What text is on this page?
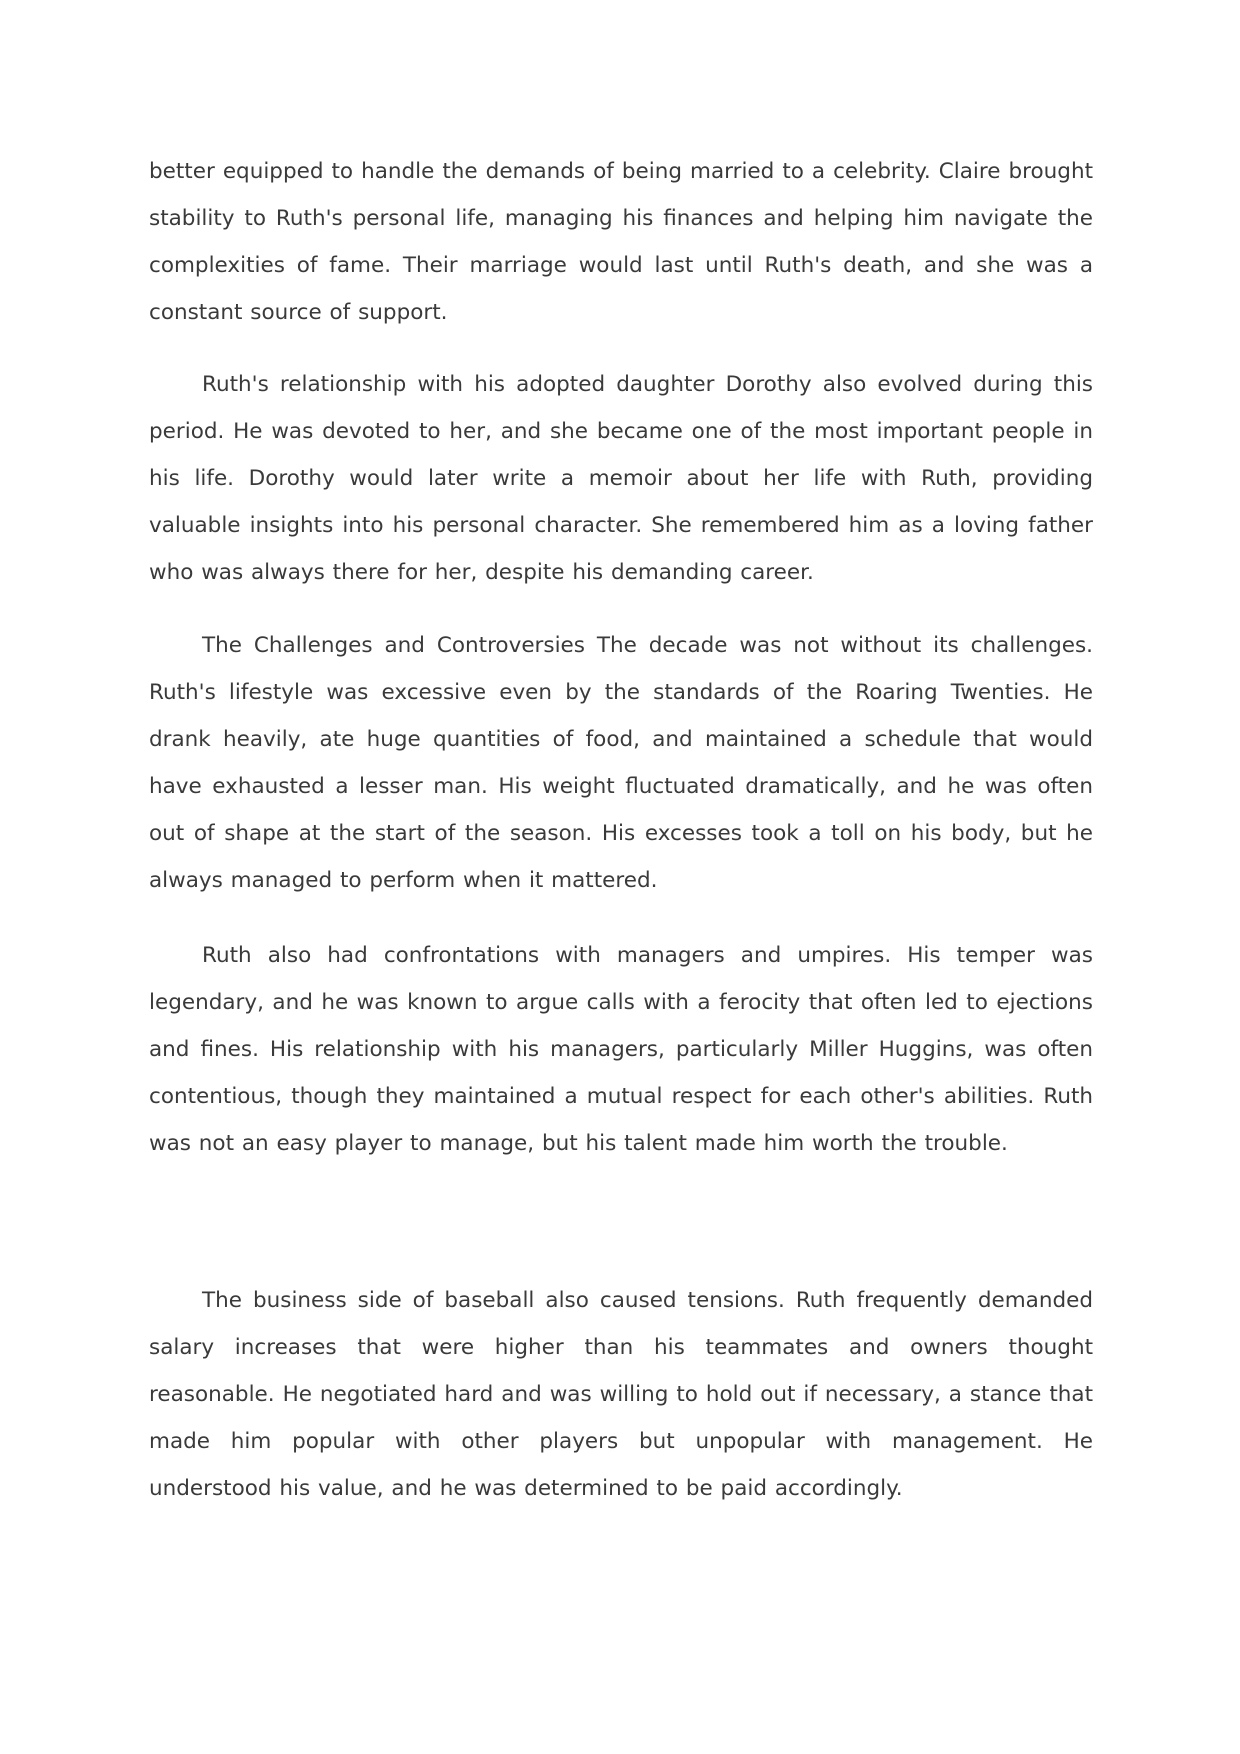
better equipped to handle the demands of being married to a celebrity. Claire brought stability to Ruth's personal life, managing his finances and helping him navigate the complexities of fame. Their marriage would last until Ruth's death, and she was a constant source of support.

Ruth's relationship with his adopted daughter Dorothy also evolved during this period. He was devoted to her, and she became one of the most important people in his life. Dorothy would later write a memoir about her life with Ruth, providing valuable insights into his personal character. She remembered him as a loving father who was always there for her, despite his demanding career.

The Challenges and Controversies The decade was not without its challenges. Ruth's lifestyle was excessive even by the standards of the Roaring Twenties. He drank heavily, ate huge quantities of food, and maintained a schedule that would have exhausted a lesser man. His weight fluctuated dramatically, and he was often out of shape at the start of the season. His excesses took a toll on his body, but he always managed to perform when it mattered.

Ruth also had confrontations with managers and umpires. His temper was legendary, and he was known to argue calls with a ferocity that often led to ejections and fines. His relationship with his managers, particularly Miller Huggins, was often contentious, though they maintained a mutual respect for each other's abilities. Ruth was not an easy player to manage, but his talent made him worth the trouble.

The business side of baseball also caused tensions. Ruth frequently demanded salary increases that were higher than his teammates and owners thought reasonable. He negotiated hard and was willing to hold out if necessary, a stance that made him popular with other players but unpopular with management. He understood his value, and he was determined to be paid accordingly.
